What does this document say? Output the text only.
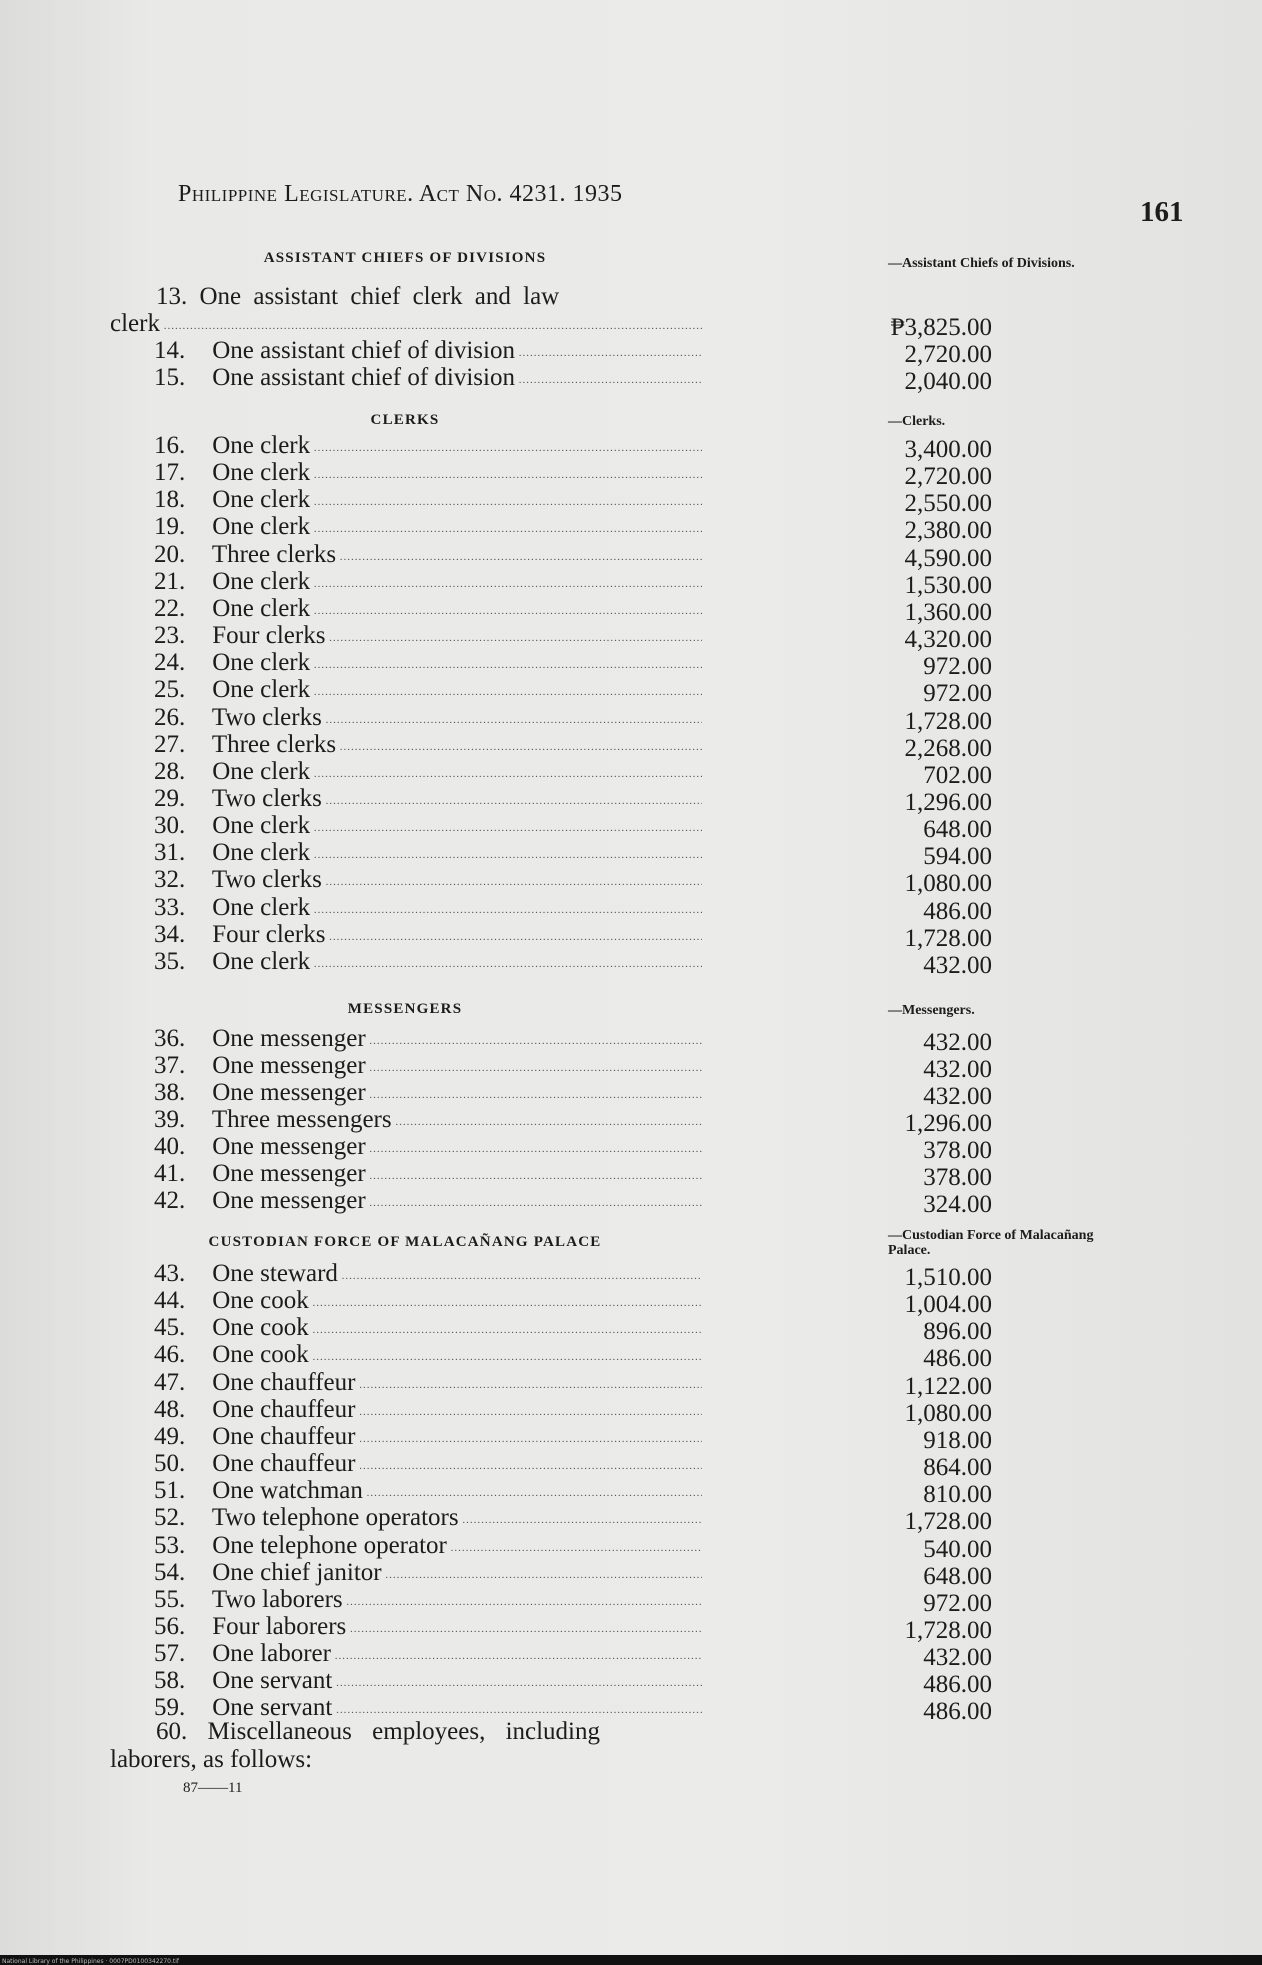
Philippine Legislature. Act No. 4231. 1935
161
ASSISTANT CHIEFS OF DIVISIONS	—Assistant Chiefs of Divisions.
13. One assistant chief clerk and law
clerk .....	₱3,825.00
14. One assistant chief of division .....	2,720.00
15. One assistant chief of division .....	2,040.00
CLERKS	—Clerks.
16. One clerk .....	3,400.00
17. One clerk .....	2,720.00
18. One clerk .....	2,550.00
19. One clerk .....	2,380.00
20. Three clerks .....	4,590.00
21. One clerk .....	1,530.00
22. One clerk .....	1,360.00
23. Four clerks .....	4,320.00
24. One clerk .....	972.00
25. One clerk .....	972.00
26. Two clerks .....	1,728.00
27. Three clerks .....	2,268.00
28. One clerk .....	702.00
29. Two clerks .....	1,296.00
30. One clerk .....	648.00
31. One clerk .....	594.00
32. Two clerks .....	1,080.00
33. One clerk .....	486.00
34. Four clerks .....	1,728.00
35. One clerk .....	432.00
MESSENGERS	—Messengers.
36. One messenger .....	432.00
37. One messenger .....	432.00
38. One messenger .....	432.00
39. Three messengers .....	1,296.00
40. One messenger .....	378.00
41. One messenger .....	378.00
42. One messenger .....	324.00
CUSTODIAN FORCE OF MALACAÑANG PALACE	—Custodian Force of Malacañang Palace.
43. One steward .....	1,510.00
44. One cook .....	1,004.00
45. One cook .....	896.00
46. One cook .....	486.00
47. One chauffeur .....	1,122.00
48. One chauffeur .....	1,080.00
49. One chauffeur .....	918.00
50. One chauffeur .....	864.00
51. One watchman .....	810.00
52. Two telephone operators .....	1,728.00
53. One telephone operator .....	540.00
54. One chief janitor .....	648.00
55. Two laborers .....	972.00
56. Four laborers .....	1,728.00
57. One laborer .....	432.00
58. One servant .....	486.00
59. One servant .....	486.00
60. Miscellaneous employees, including
laborers, as follows:
87——11
National Library of the Philippines · 0007PD0100342270.tif
